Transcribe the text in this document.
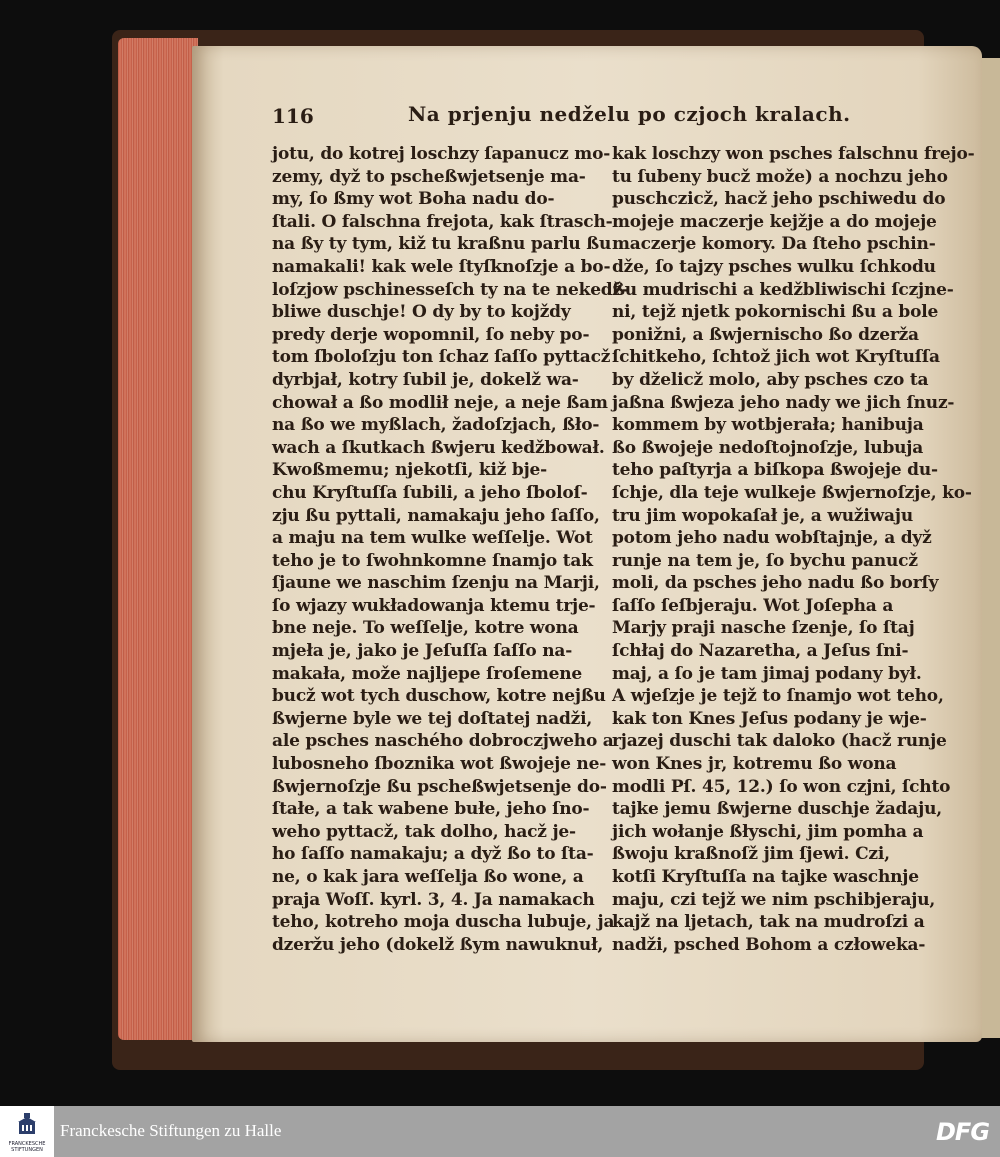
116	Na prjenju nedželu po czjoch kralach.
jotu, do kotrej loschzy ſapanucz mo-
zemy, dyž to pscheßwjetsenje ma-
my, ſo ßmy wot Boha nadu do-
ſtali. O falschna frejota, kak ſtrasch-
na ßy ty tym, kiž tu kraßnu parlu ßu
namakali! kak wele ſtyſknoſzje a bo-
loſzjow pschinesseſch ty na te nekedž-
bliwe duschje! O dy by to kojždy
predy derje wopomnil, ſo neby po-
tom ſboloſzju ton ſchaz ſaſſo pyttacž
dyrbjał, kotry ſubil je, dokelž wa-
chował a ßo modlił neje, a neje ßam
na ßo we myßlach, žadoſzjach, ßło-
wach a ſkutkach ßwjeru kedžbował.
Kwoßmemu; njekotſi, kiž bje-
chu Kryſtuſſa ſubili, a jeho ſboloſ-
zju ßu pyttali, namakaju jeho ſaſſo,
a maju na tem wulke weſſelje. Wot
teho je to ſwohnkomne ſnamjo tak
ſjaune we naschim ſzenju na Marji,
ſo wjazy wukładowanja ktemu trje-
bne neje. To weſſelje, kotre wona
mjeła je, jako je Jeſuſſa ſaſſo na-
makała, može najljepe ſroſemene
bucž wot tych duschow, kotre nejßu
ßwjerne byle we tej doſtatej nadži,
ale psches naschého dobroczjweho a
lubosneho ſboznika wot ßwojeje ne-
ßwjernoſzje ßu pscheßwjetsenje do-
ſtałe, a tak wabene bułe, jeho ſno-
weho pyttacž, tak dolho, hacž je-
ho ſaſſo namakaju; a dyž ßo to ſta-
ne, o kak jara weſſelja ßo wone, a
praja Woſſ. kyrl. 3, 4. Ja namakach
teho, kotreho moja duscha lubuje, ja
dzeržu jeho (dokelž ßym nawuknuł,
kak loschzy won psches falschnu frejo-
tu ſubeny bucž može) a nochzu jeho
puschczicž, hacž jeho pschiwedu do
mojeje maczerje kejžje a do mojeje
maczerje komory. Da ſteho pschin-
dže, ſo tajzy psches wulku ſchkodu
ßu mudrischi a kedžbliwischi ſczjne-
ni, tejž njetk pokornischi ßu a bole
ponižni, a ßwjernischo ßo dzerža
ſchitkeho, ſchtož jich wot Kryſtuſſa
by dželicž molo, aby psches czo ta
jaßna ßwjeza jeho nady we jich ſnuz-
kommem by wotbjerała; hanibuja
ßo ßwojeje nedoſtojnoſzje, lubuja
teho paſtyrja a biſkopa ßwojeje du-
ſchje, dla teje wulkeje ßwjernoſzje, ko-
tru jim wopokaſał je, a wužiwaju
potom jeho nadu wobſtajnje, a dyž
runje na tem je, ſo bychu panucž
moli, da psches jeho nadu ßo borſy
ſaſſo ſeſbjeraju. Wot Joſepha a
Marjy praji nasche ſzenje, ſo ſtaj
ſchłaj do Nazaretha, a Jeſus ſni-
maj, a ſo je tam jimaj podany był.
A wjeſzje je tejž to ſnamjo wot teho,
kak ton Knes Jeſus podany je wje-
rjazej duschi tak daloko (hacž runje
won Knes jr, kotremu ßo wona
modli Pſ. 45, 12.) ſo won czjni, ſchto
tajke jemu ßwjerne duschje žadaju,
jich wołanje ßłyschi, jim pomha a
ßwoju kraßnoſž jim ſjewi. Czi,
kotſi Kryſtuſſa na tajke waschnje
maju, czi tejž we nim pschibjeraju,
kajž na ljetach, tak na mudroſzi a
nadži, psched Bohom a człoweka-
FRANCKESCHE STIFTUNGEN
Franckesche Stiftungen zu Halle	DFG
